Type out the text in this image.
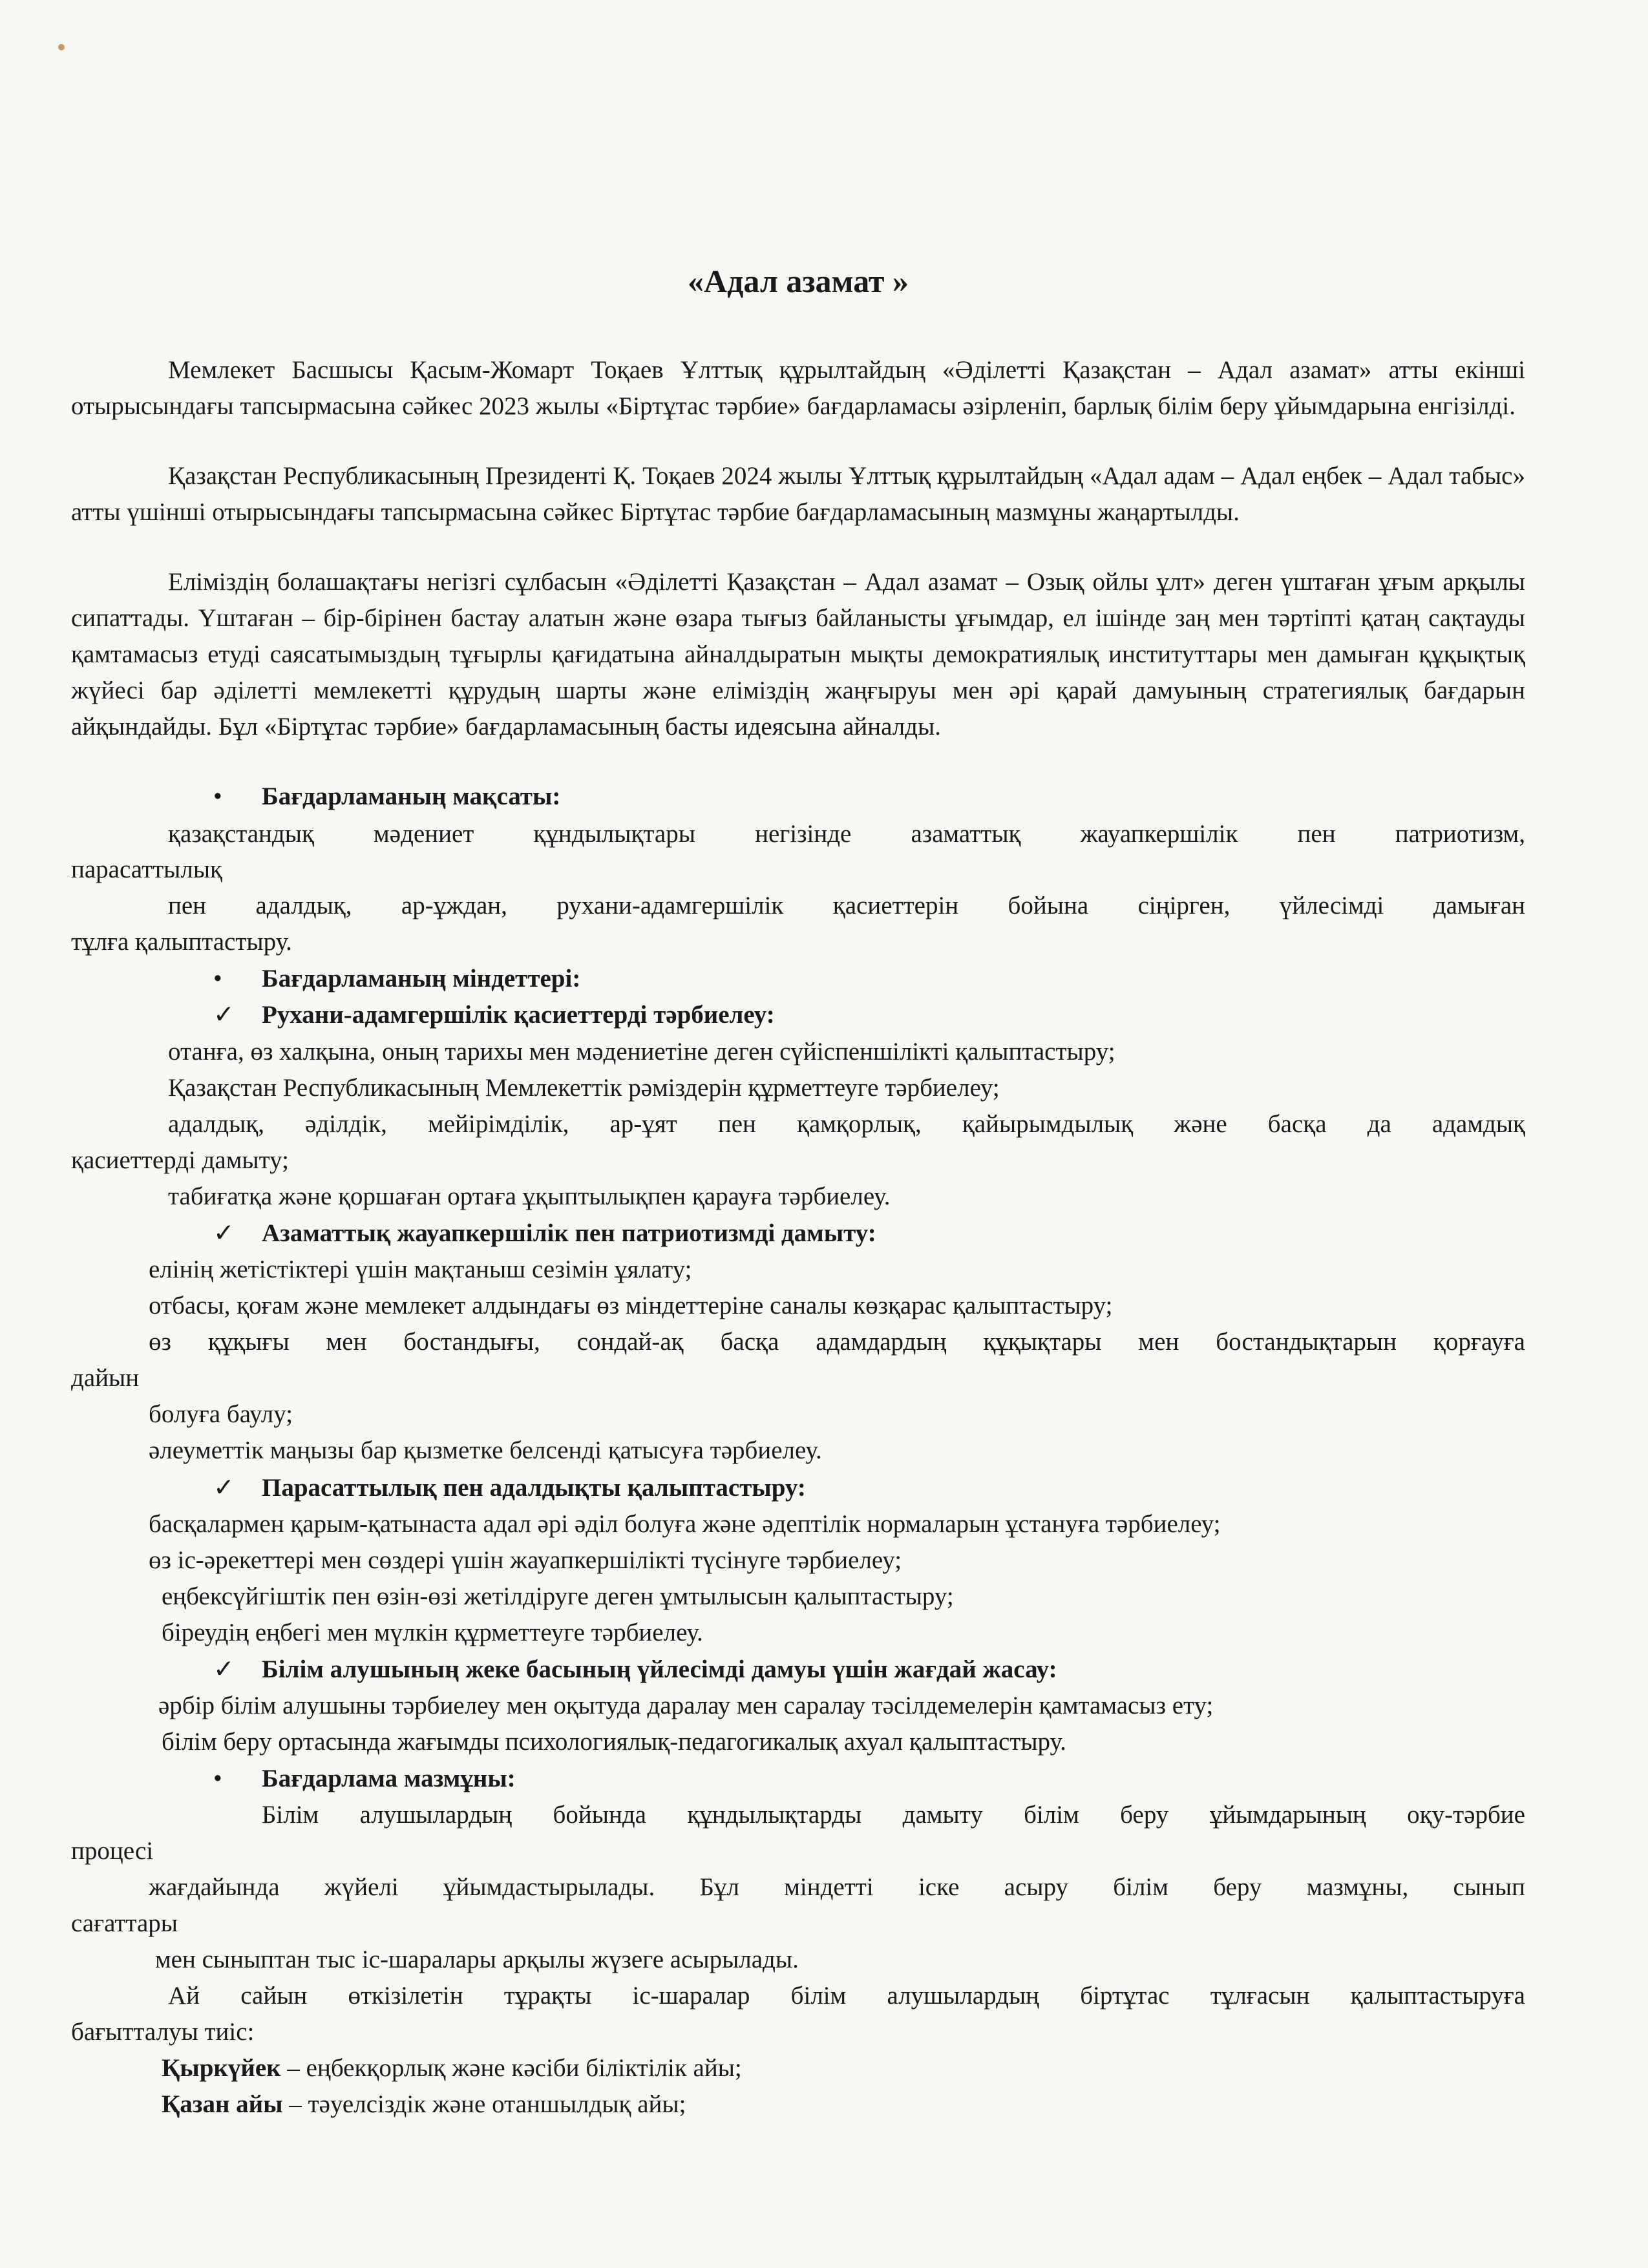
«Адал азамат »
Мемлекет Басшысы Қасым-Жомарт Тоқаев Ұлттық құрылтайдың «Әділетті Қазақстан – Адал азамат» атты екінші отырысындағы тапсырмасына сәйкес 2023 жылы «Біртұтас тәрбие» бағдарламасы әзірленіп, барлық білім беру ұйымдарына енгізілді.
Қазақстан Республикасының Президенті Қ. Тоқаев 2024 жылы Ұлттық құрылтайдың «Адал адам – Адал еңбек – Адал табыс» атты үшінші отырысындағы тапсырмасына сәйкес Біртұтас тәрбие бағдарламасының мазмұны жаңартылды.
Еліміздің болашақтағы негізгі сұлбасын «Әділетті Қазақстан – Адал азамат – Озық ойлы ұлт» деген үштаған ұғым арқылы сипаттады. Үштаған – бір-бірінен бастау алатын және өзара тығыз байланысты ұғымдар, ел ішінде заң мен тәртіпті қатаң сақтауды қамтамасыз етуді саясатымыздың тұғырлы қағидатына айналдыратын мықты демократиялық институттары мен дамыған құқықтық жүйесі бар әділетті мемлекетті құрудың шарты және еліміздің жаңғыруы мен әрі қарай дамуының стратегиялық бағдарын айқындайды. Бұл «Біртұтас тәрбие» бағдарламасының басты идеясына айналды.
• Бағдарламаның мақсаты:
қазақстандық мәдениет құндылықтары негізінде азаматтық жауапкершілік пен патриотизм,
парасаттылық
пен адалдық, ар-ұждан, рухани-адамгершілік қасиеттерін бойына сіңірген, үйлесімді дамыған
тұлға қалыптастыру.
• Бағдарламаның міндеттері:
✓ Рухани-адамгершілік қасиеттерді тәрбиелеу:
отанға, өз халқына, оның тарихы мен мәдениетіне деген сүйіспеншілікті қалыптастыру;
Қазақстан Республикасының Мемлекеттік рәміздерін құрметтеуге тәрбиелеу;
адалдық, әділдік, мейірімділік, ар-ұят пен қамқорлық, қайырымдылық және басқа да адамдық
қасиеттерді дамыту;
табиғатқа және қоршаған ортаға ұқыптылықпен қарауға тәрбиелеу.
✓ Азаматтық жауапкершілік пен патриотизмді дамыту:
елінің жетістіктері үшін мақтаныш сезімін ұялату;
отбасы, қоғам және мемлекет алдындағы өз міндеттеріне саналы көзқарас қалыптастыру;
өз құқығы мен бостандығы, сондай-ақ басқа адамдардың құқықтары мен бостандықтарын қорғауға
дайын
болуға баулу;
әлеуметтік маңызы бар қызметке белсенді қатысуға тәрбиелеу.
✓ Парасаттылық пен адалдықты қалыптастыру:
басқалармен қарым-қатынаста адал әрі әділ болуға және әдептілік нормаларын ұстануға тәрбиелеу;
өз іс-әрекеттері мен сөздері үшін жауапкершілікті түсінуге тәрбиелеу;
еңбексүйгіштік пен өзін-өзі жетілдіруге деген ұмтылысын қалыптастыру;
біреудің еңбегі мен мүлкін құрметтеуге тәрбиелеу.
✓ Білім алушының жеке басының үйлесімді дамуы үшін жағдай жасау:
әрбір білім алушыны тәрбиелеу мен оқытуда даралау мен саралау тәсілдемелерін қамтамасыз ету;
білім беру ортасында жағымды психологиялық-педагогикалық ахуал қалыптастыру.
• Бағдарлама мазмұны:
Білім алушылардың бойында құндылықтарды дамыту білім беру ұйымдарының оқу-тәрбие
процесі
жағдайында жүйелі ұйымдастырылады. Бұл міндетті іске асыру білім беру мазмұны, сынып
сағаттары
мен сыныптан тыс іс-шаралары арқылы жүзеге асырылады.
Ай сайын өткізілетін тұрақты іс-шаралар білім алушылардың біртұтас тұлғасын қалыптастыруға
бағытталуы тиіс:
Қыркүйек – еңбекқорлық және кәсіби біліктілік айы;
Қазан айы – тәуелсіздік және отаншылдық айы;
